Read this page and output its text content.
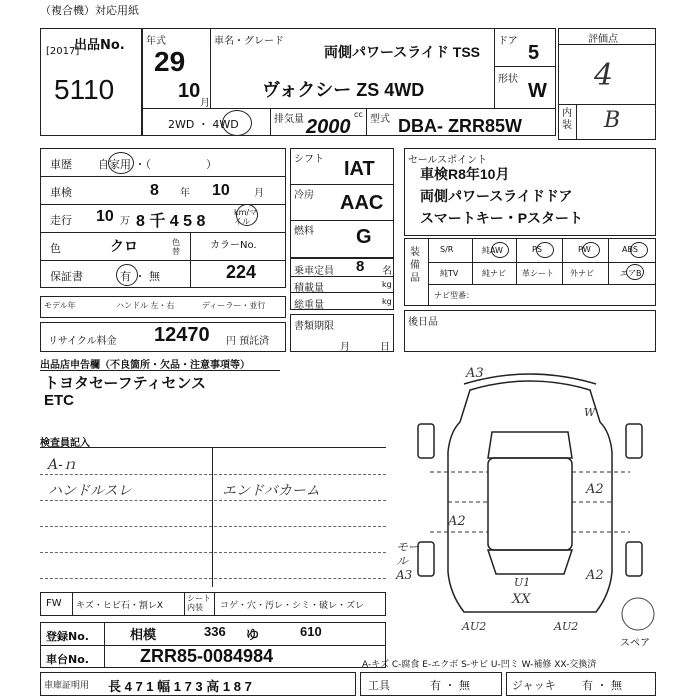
（複合機）対応用紙
出品No.
[2017]
5110
年式
29
10
月
車名・グレード
両側パワースライド TSS
ヴォクシー ZS 4WD
ドア
5
形状
W
2WD ・ 4WD	排気量 2000
cc 型式 DBA- ZRR85W
評価点
4
内装 B
車歴 自家用 ・（　　　　　）
車検	8 年 10 月
走行 10 万 8 千 4 5 8
km/マイル
色	クロ	色替
カラーNo.
保証書	有 ・ 無	224
モデル年	ハンドル 左・右	ディーラー・並行
リサイクル料金 12470 円 預託済
シフト IAT
冷房 AAC
燃料 G
乗車定員 8 名
積載量	kg
総重量	kg
書類期限
月	日
セールスポイント
車検R8年10月
両側パワースライドドア
スマートキー・Pスタート
装備品
S/R	純AW	PS	PW	ABS
純TV	純ナビ 革シート 外ナビ	エアB
ナビ型番：
後日品
出品店申告欄（不良箇所・欠品・注意事項等）
トヨタセーフティセンス
ETC
検査員記入
A-ｎ
ハンドルスレ	エンドバカーム
FW キズ・ヒビ石・割レX
シート内装	コゲ・穴・汚レ・シミ・破レ・ズレ
登録No.	相模	336 ゆ	610
車台No.	ZRR85-0084984
車庫証明用 長 4 7 1 幅 1 7 3 高 1 8 7	工具	有 ・ 無	ジャッキ 有 ・ 無
A-キズ C-腐食 E-エクボ S-サビ U-凹ミ W-補修 XX-交換済
A3
W
A2
A2
モール A3
U1
XX
A2
AU2	AU2
スペア
